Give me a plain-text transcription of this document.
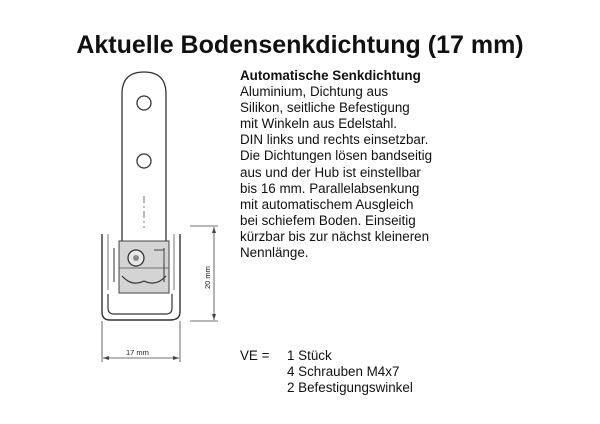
Aktuelle Bodensenkdichtung (17 mm)
17 mm
20 mm
Automatische Senkdichtung
Aluminium, Dichtung aus
Silikon, seitliche Befestigung
mit Winkeln aus Edelstahl.
DIN links und rechts einsetzbar.
Die Dichtungen lösen bandseitig
aus und der Hub ist einstellbar
bis 16 mm. Parallelabsenkung
mit automatischem Ausgleich
bei schiefem Boden. Einseitig
kürzbar bis zur nächst kleineren
Nennlänge.
VE =	1 Stück
4 Schrauben M4x7
2 Befestigungswinkel
